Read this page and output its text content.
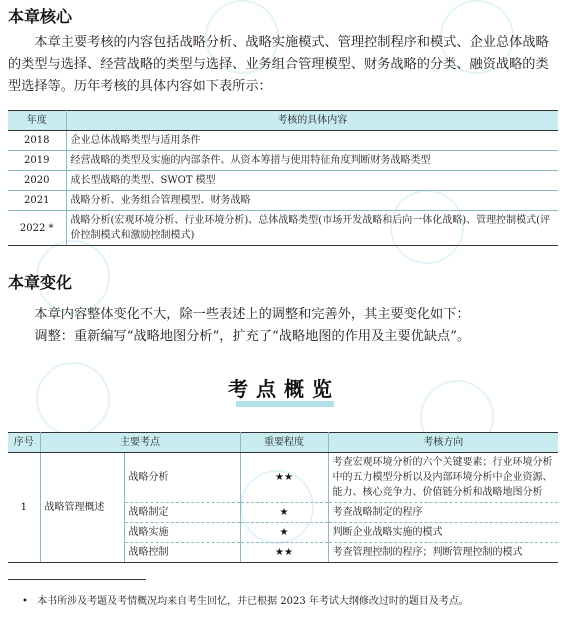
本章核心

本章主要考核的内容包括战略分析、战略实施模式、管理控制程序和模式、企业总体战略的类型与选择、经营战略的类型与选择、业务组合管理模型、财务战略的分类、融资战略的类型选择等。历年考核的具体内容如下表所示：

年度	考核的具体内容
2018	企业总体战略类型与适用条件
2019	经营战略的类型及实施的内部条件、从资本筹措与使用特征角度判断财务战略类型
2020	成长型战略的类型、SWOT 模型
2021	战略分析、业务组合管理模型、财务战略
2022 *	战略分析(宏观环境分析、行业环境分析)、总体战略类型(市场开发战略和后向一体化战略)、管理控制模式(评价控制模式和激励控制模式)
本章变化

本章内容整体变化不大，除一些表述上的调整和完善外，其主要变化如下：

调整：重新编写“战略地图分析”，扩充了“战略地图的作用及主要优缺点”。

考点概览
序号	主要考点		重要程度	考核方向
1	战略管理概述	战略分析	★★	考查宏观环境分析的六个关键要素；行业环境分析中的五力模型分析以及内部环境分析中企业资源、能力、核心竞争力、价值链分析和战略地图分析
		战略制定	★	考查战略制定的程序
		战略实施	★	判断企业战略实施的模式
		战略控制	★★	考查管理控制的程序；判断管理控制的模式
• 本书所涉及考题及考情概况均来自考生回忆，并已根据 2023 年考试大纲修改过时的题目及考点。
